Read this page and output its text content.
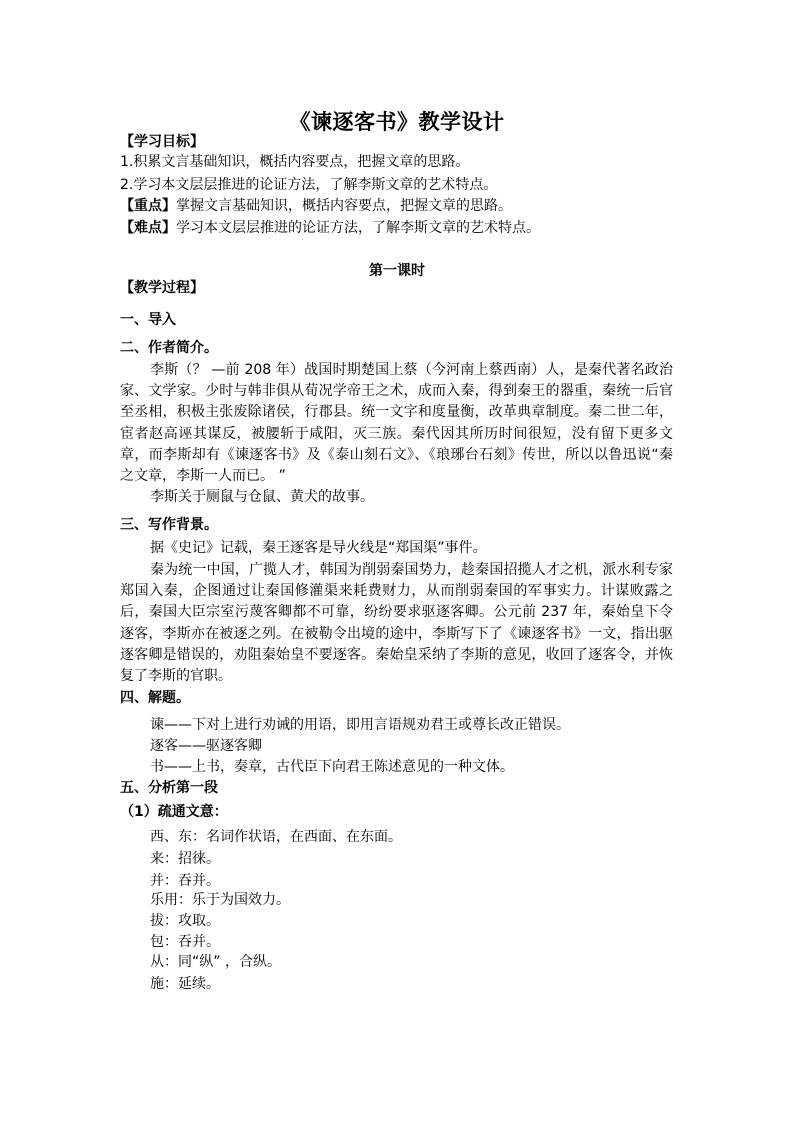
《谏逐客书》教学设计
【学习目标】
1.积累文言基础知识，概括内容要点，把握文章的思路。
2.学习本文层层推进的论证方法，了解李斯文章的艺术特点。
【重点】掌握文言基础知识，概括内容要点，把握文章的思路。
【难点】学习本文层层推进的论证方法，了解李斯文章的艺术特点。
第一课时
【教学过程】
一、导入
二、作者简介。
李斯（？ —前 208 年）战国时期楚国上蔡（今河南上蔡西南）人，是秦代著名政治家、文学家。少时与韩非俱从荀况学帝王之术，成而入秦，得到秦王的器重，秦统一后官至丞相，积极主张废除诸侯，行郡县。统一文字和度量衡，改革典章制度。秦二世二年，宦者赵高诬其谋反，被腰斩于咸阳，灭三族。秦代因其所历时间很短，没有留下更多文章，而李斯却有《谏逐客书》及《泰山刻石文》、《琅琊台石刻》传世，所以以鲁迅说“秦之文章，李斯一人而已。 ”
李斯关于厕鼠与仓鼠、黄犬的故事。
三、写作背景。
据《史记》记载，秦王逐客是导火线是“郑国渠”事件。
秦为统一中国，广揽人才，韩国为削弱秦国势力，趁秦国招揽人才之机，派水利专家郑国入秦，企图通过让秦国修灌渠来耗费财力，从而削弱秦国的军事实力。计谋败露之后，秦国大臣宗室污蔑客卿都不可靠，纷纷要求驱逐客卿。公元前 237 年，秦始皇下令逐客，李斯亦在被逐之列。在被勒令出境的途中，李斯写下了《谏逐客书》一文，指出驱逐客卿是错误的，劝阻秦始皇不要逐客。秦始皇采纳了李斯的意见，收回了逐客令，并恢复了李斯的官职。
四、解题。
谏——下对上进行劝诫的用语，即用言语规劝君王或尊长改正错误。
逐客——驱逐客卿
书——上书，奏章，古代臣下向君王陈述意见的一种文体。
五、分析第一段
（1）疏通文意：
西、东：名词作状语，在西面、在东面。
来：招徕。
并：吞并。
乐用：乐于为国效力。
拔：攻取。
包：吞并。
从：同“纵” ，合纵。
施：延续。
